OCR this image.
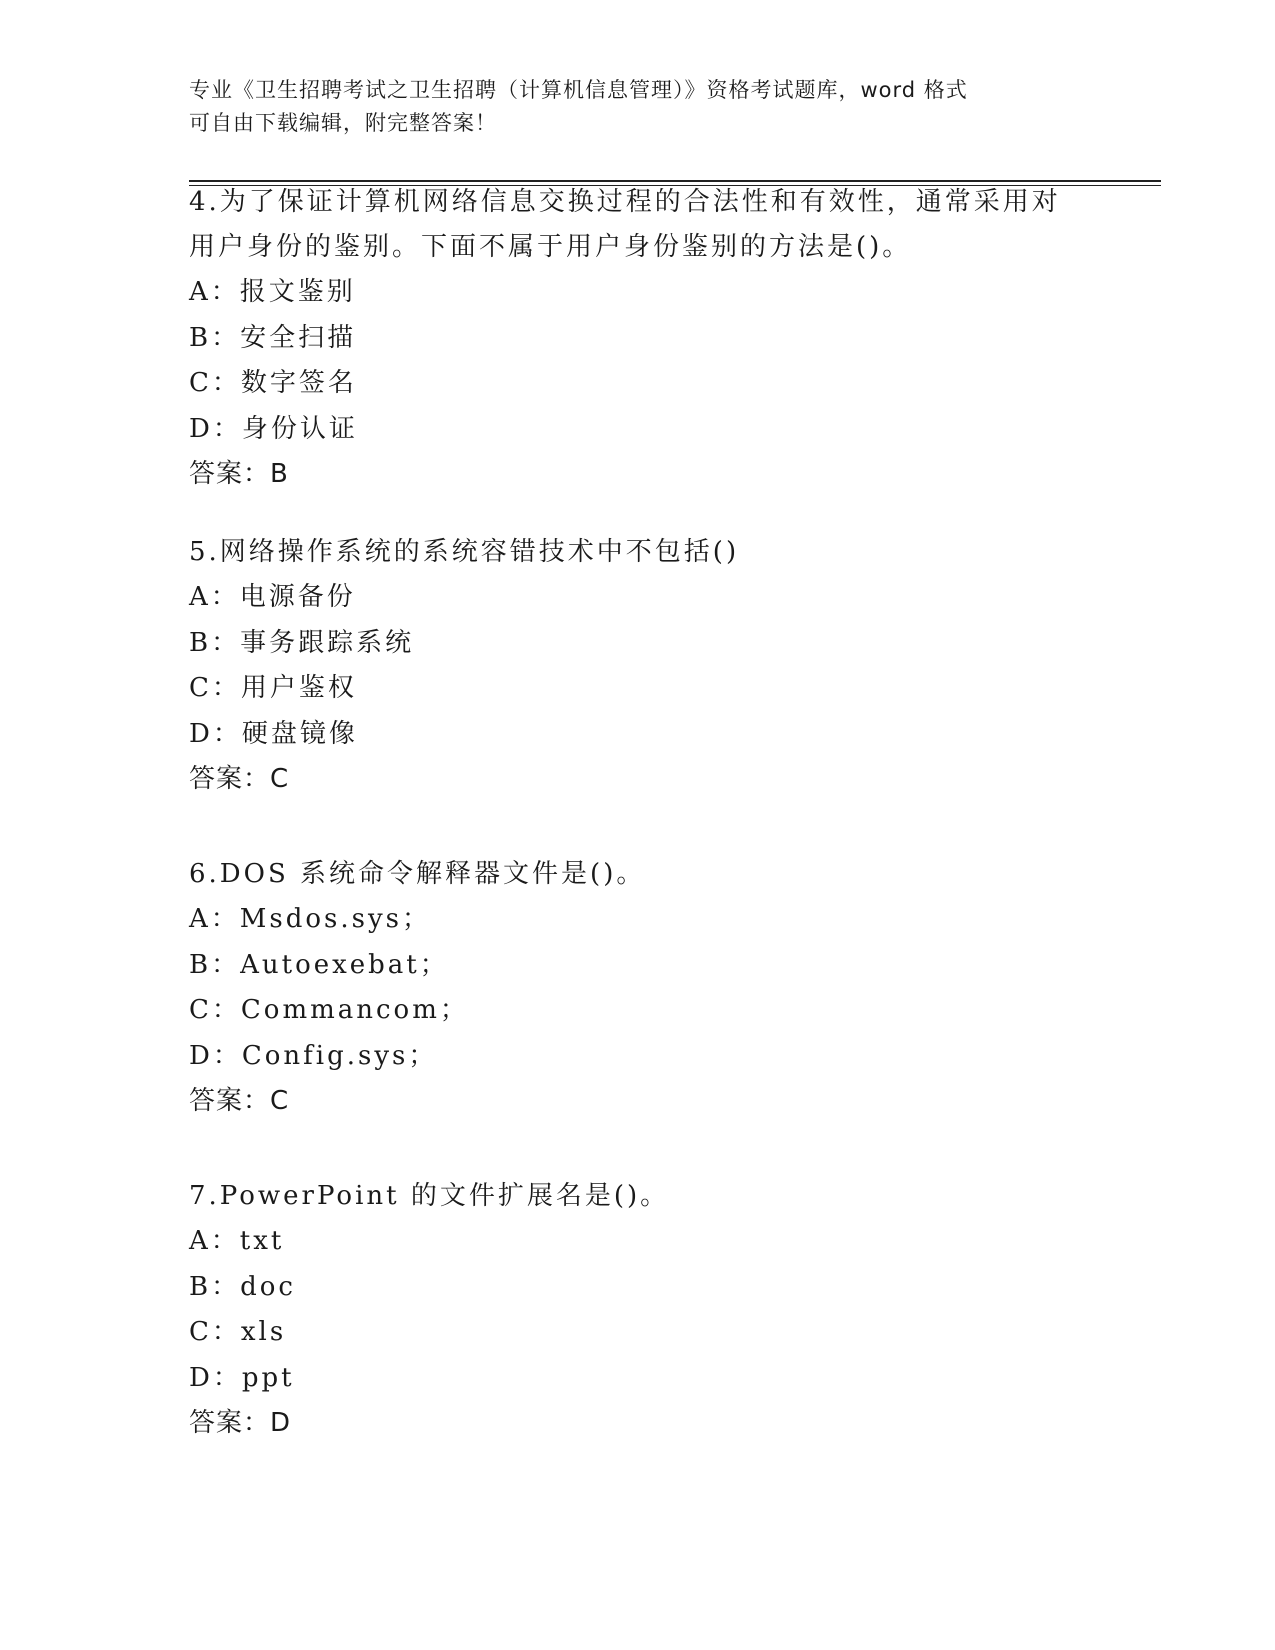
专业《卫生招聘考试之卫生招聘（计算机信息管理）》资格考试题库，word 格式
可自由下载编辑，附完整答案！

4.为了保证计算机网络信息交换过程的合法性和有效性，通常采用对

用户身份的鉴别。下面不属于用户身份鉴别的方法是()。

A：报文鉴别
B：安全扫描
C：数字签名
D：身份认证

答案：B

5.网络操作系统的系统容错技术中不包括()

A：电源备份
B：事务跟踪系统
C：用户鉴权
D：硬盘镜像

答案：C

6.DOS 系统命令解释器文件是()。

A：Msdos.sys；
B：Autoexebat；
C：Commancom；
D：Config.sys；

答案：C

7.PowerPoint 的文件扩展名是()。

A：txt
B：doc
C：xls
D：ppt

答案：D
